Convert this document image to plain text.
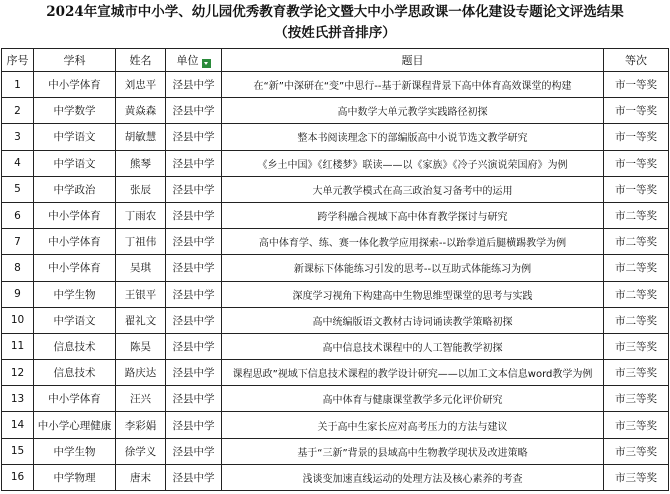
2024年宣城市中小学、幼儿园优秀教育教学论文暨大中小学思政课一体化建设专题论文评选结果
（按姓氏拼音排序）
序号	学科	姓名	单位	题目	等次
1	中小学体育	刘忠平	泾县中学	在“新”中深研在“变”中思行--基于新课程背景下高中体育高效课堂的构建	市一等奖
2	中学数学	黄焱森	泾县中学	高中数学大单元教学实践路径初探	市一等奖
3	中学语文	胡敏慧	泾县中学	整本书阅读理念下的部编版高中小说节选文教学研究	市一等奖
4	中学语文	熊琴	泾县中学	《乡土中国》《红楼梦》联读——以《家族》《冷子兴演说荣国府》为例	市一等奖
5	中学政治	张辰	泾县中学	大单元教学模式在高三政治复习备考中的运用	市一等奖
6	中小学体育	丁雨农	泾县中学	跨学科融合视域下高中体育教学探讨与研究	市二等奖
7	中小学体育	丁祖伟	泾县中学	高中体育学、练、赛一体化教学应用探索--以跆拳道后腿横踢教学为例	市二等奖
8	中小学体育	吴琪	泾县中学	新课标下体能练习引发的思考--以互助式体能练习为例	市二等奖
9	中学生物	王银平	泾县中学	深度学习视角下构建高中生物思维型课堂的思考与实践	市二等奖
10	中学语文	翟礼文	泾县中学	高中统编版语文教材古诗词诵读教学策略初探	市二等奖
11	信息技术	陈昊	泾县中学	高中信息技术课程中的人工智能教学初探	市三等奖
12	信息技术	路庆达	泾县中学	课程思政”视域下信息技术课程的教学设计研究——以加工文本信息word教学为例	市三等奖
13	中小学体育	汪兴	泾县中学	高中体育与健康课堂教学多元化评价研究	市三等奖
14	中小学心理健康	李彩娟	泾县中学	关于高中生家长应对高考压力的方法与建议	市三等奖
15	中学生物	徐学义	泾县中学	基于“三新”背景的县域高中生物教学现状及改进策略	市三等奖
16	中学物理	唐末	泾县中学	浅谈变加速直线运动的处理方法及核心素养的考查	市三等奖
